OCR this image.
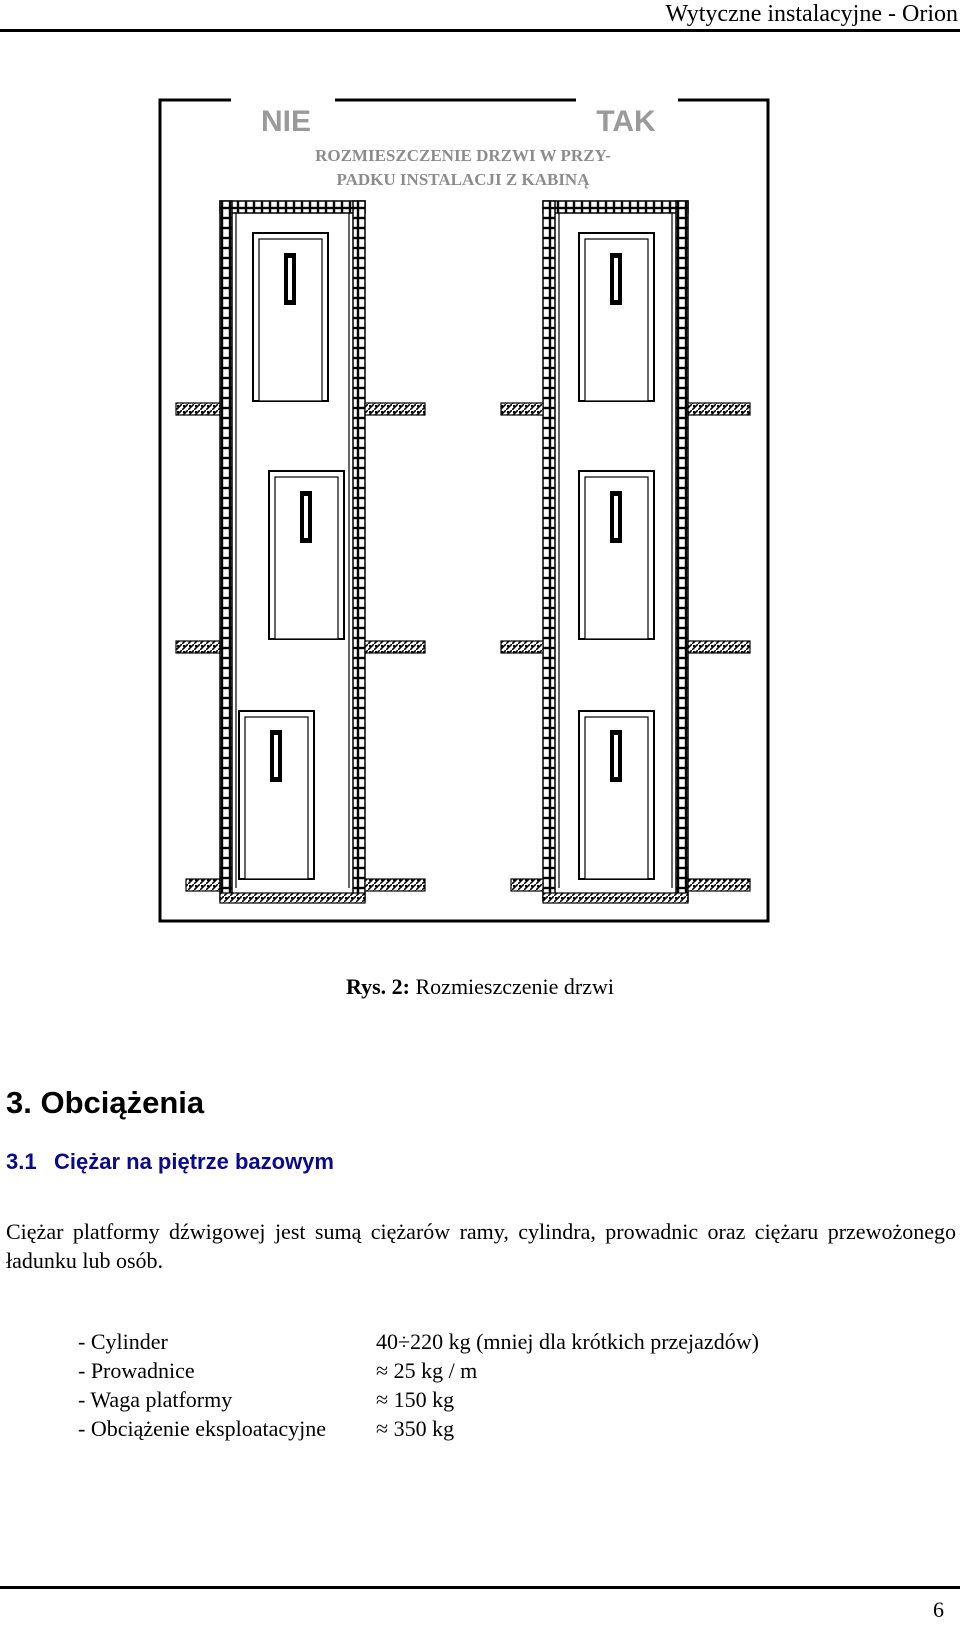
Wytyczne instalacyjne - Orion
NIE	TAK
ROZMIESZCZENIE DRZWI W PRZY-
PADKU INSTALACJI Z KABINĄ
Rys. 2: Rozmieszczenie drzwi
3. Obciążenia
3.1 Ciężar na piętrze bazowym

Ciężar platformy dźwigowej jest sumą ciężarów ramy, cylindra, prowadnic oraz ciężaru przewożonego ładunku lub osób.

- Cylinder	40÷220 kg (mniej dla krótkich przejazdów)
- Prowadnice	≈ 25 kg / m
- Waga platformy	≈ 150 kg
- Obciążenie eksploatacyjne ≈ 350 kg
6
